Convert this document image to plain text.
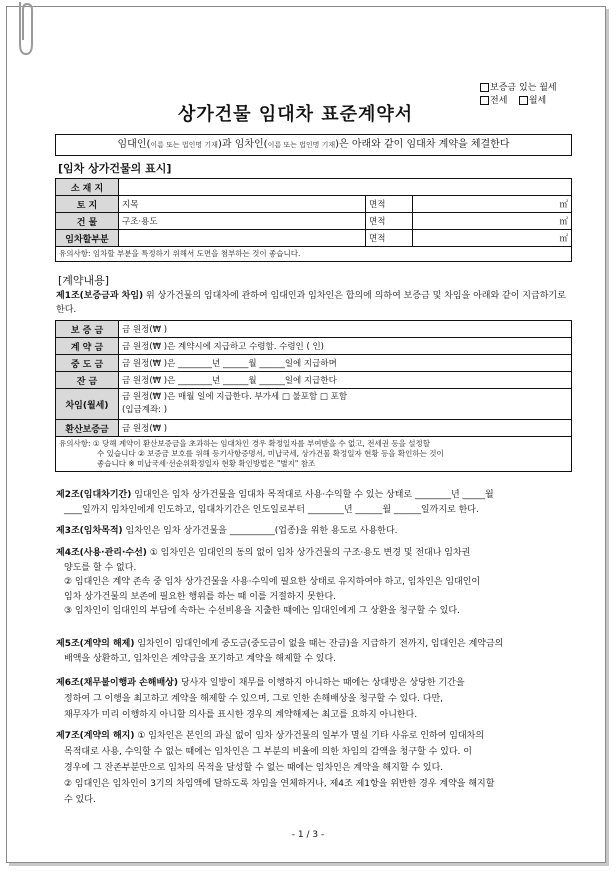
보증금 있는 월세
전세 월세
상가건물 임대차 표준계약서
임대인(이름 또는 법인명 기재)과 임차인(이름 또는 법인명 기재)은 아래와 같이 임대차 계약을 체결한다
[임차 상가건물의 표시]
소 재 지			
토 지	지목	면적	㎡
건 물	구조·용도	면적	㎡
임차할부분		면적	㎡
유의사항: 임차할 부분을 특정하기 위해서 도면을 첨부하는 것이 좋습니다.			
[계약내용]
제1조(보증금과 차임) 위 상가건물의 임대차에 관하여 임대인과 임차인은 합의에 의하여 보증금 및 차임을 아래와 같이 지급하기로 한다.
보 증 금	금 원정(₩ )
계 약 금	금 원정(₩ )은 계약시에 지급하고 수령함. 수령인 ( 인)
중 도 금	금 원정(₩ )은 ________년 ______월 ______일에 지급하며
잔 금	금 원정(₩ )은 ________년 ______월 ______일에 지급한다
차임(월세)	금 원정(₩ )은 매월 일에 지급한다. 부가세 □ 불포함 □ 포함
(입금계좌: )

환산보증금	금 원정(₩ )

유의사항: ① 당해 계약이 환산보증금을 초과하는 임대차인 경우 확정일자를 부여받을 수 없고, 전세권 등을 설정할
수 있습니다 ② 보증금 보호를 위해 등기사항증명서, 미납국세, 상가건물 확정일자 현황 등을 확인하는 것이
좋습니다 ※ 미납국세·선순위확정일자 현황 확인방법은 "별지" 참조	
제2조(임대차기간) 임대인은 임차 상가건물을 임대차 목적대로 사용·수익할 수 있는 상태로 ________년 _____월
____일까지 임차인에게 인도하고, 임대차기간은 인도일로부터 ________년 ______월 ______일까지로 한다.
제3조(임차목적) 임차인은 임차 상가건물을 __________(업종)을 위한 용도로 사용한다.
제4조(사용·관리·수선) ① 임차인은 임대인의 동의 없이 임차 상가건물의 구조·용도 변경 및 전대나 임차권
양도를 할 수 없다.
② 임대인은 계약 존속 중 임차 상가건물을 사용·수익에 필요한 상태로 유지하여야 하고, 임차인은 임대인이
임차 상가건물의 보존에 필요한 행위를 하는 때 이를 거절하지 못한다.
③ 임차인이 임대인의 부담에 속하는 수선비용을 지출한 때에는 임대인에게 그 상환을 청구할 수 있다.
제5조(계약의 해제) 임차인이 임대인에게 중도금(중도금이 없을 때는 잔금)을 지급하기 전까지, 임대인은 계약금의
배액을 상환하고, 임차인은 계약금을 포기하고 계약을 해제할 수 있다.
제6조(채무불이행과 손해배상) 당사자 일방이 채무를 이행하지 아니하는 때에는 상대방은 상당한 기간을
정하여 그 이행을 최고하고 계약을 해제할 수 있으며, 그로 인한 손해배상을 청구할 수 있다. 다만,
채무자가 미리 이행하지 아니할 의사를 표시한 경우의 계약해제는 최고를 요하지 아니한다.
제7조(계약의 해지) ① 임차인은 본인의 과실 없이 임차 상가건물의 일부가 멸실 기타 사유로 인하여 임대차의
목적대로 사용, 수익할 수 없는 때에는 임차인은 그 부분의 비율에 의한 차임의 감액을 청구할 수 있다. 이
경우에 그 잔존부분만으로 임차의 목적을 달성할 수 없는 때에는 임차인은 계약을 해지할 수 있다.
② 임대인은 임차인이 3기의 차임액에 달하도록 차임을 연체하거나, 제4조 제1항을 위반한 경우 계약을 해지할
수 있다.
- 1 / 3 -
